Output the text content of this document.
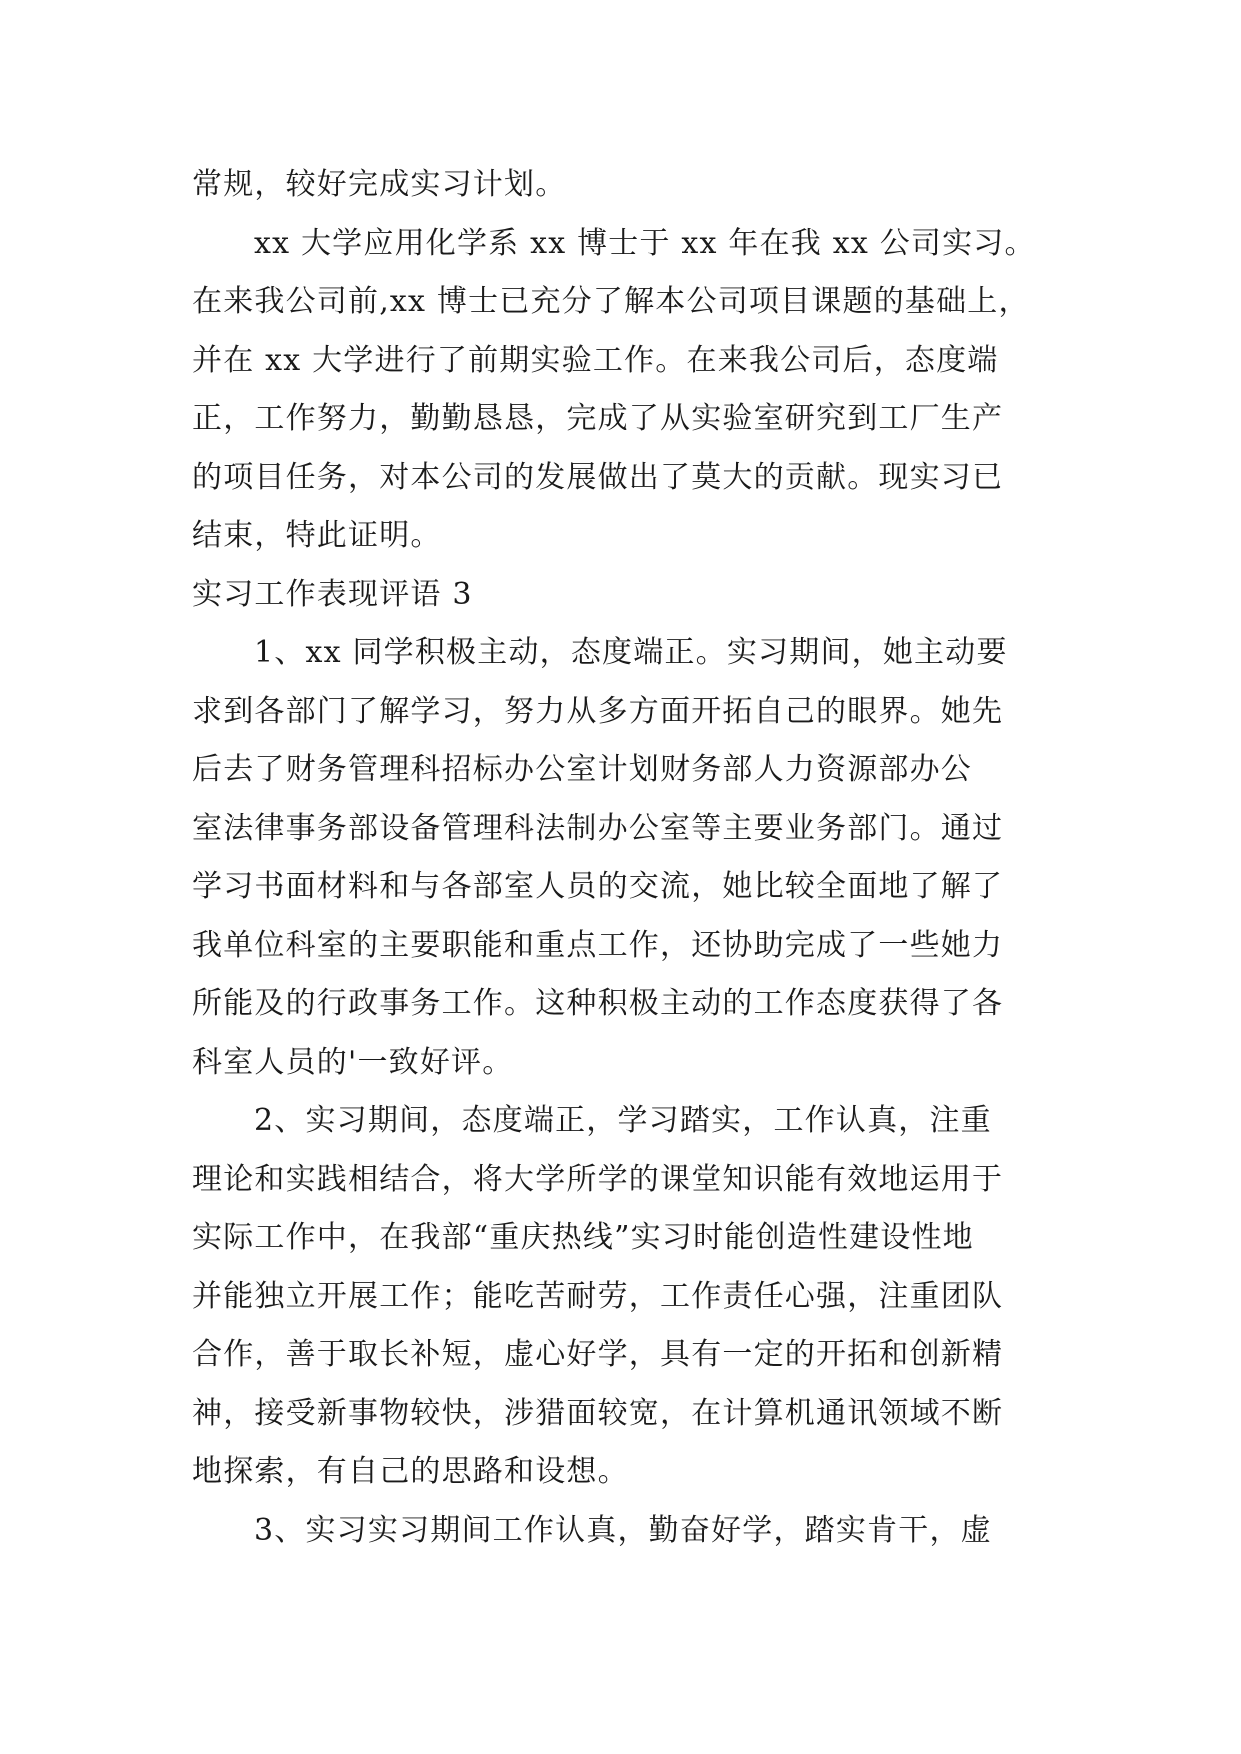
常规，较好完成实习计划。
xx 大学应用化学系 xx 博士于 xx 年在我 xx 公司实习。
在来我公司前,xx 博士已充分了解本公司项目课题的基础上，
并在 xx 大学进行了前期实验工作。在来我公司后，态度端
正，工作努力，勤勤恳恳，完成了从实验室研究到工厂生产
的项目任务，对本公司的发展做出了莫大的贡献。现实习已
结束，特此证明。
实习工作表现评语 3
1、xx 同学积极主动，态度端正。实习期间，她主动要
求到各部门了解学习，努力从多方面开拓自己的眼界。她先
后去了财务管理科招标办公室计划财务部人力资源部办公
室法律事务部设备管理科法制办公室等主要业务部门。通过
学习书面材料和与各部室人员的交流，她比较全面地了解了
我单位科室的主要职能和重点工作，还协助完成了一些她力
所能及的行政事务工作。这种积极主动的工作态度获得了各
科室人员的'一致好评。
2、实习期间，态度端正，学习踏实，工作认真，注重
理论和实践相结合，将大学所学的课堂知识能有效地运用于
实际工作中，在我部“重庆热线”实习时能创造性建设性地
并能独立开展工作；能吃苦耐劳，工作责任心强，注重团队
合作，善于取长补短，虚心好学，具有一定的开拓和创新精
神，接受新事物较快，涉猎面较宽，在计算机通讯领域不断
地探索，有自己的思路和设想。
3、实习实习期间工作认真，勤奋好学，踏实肯干，虚
